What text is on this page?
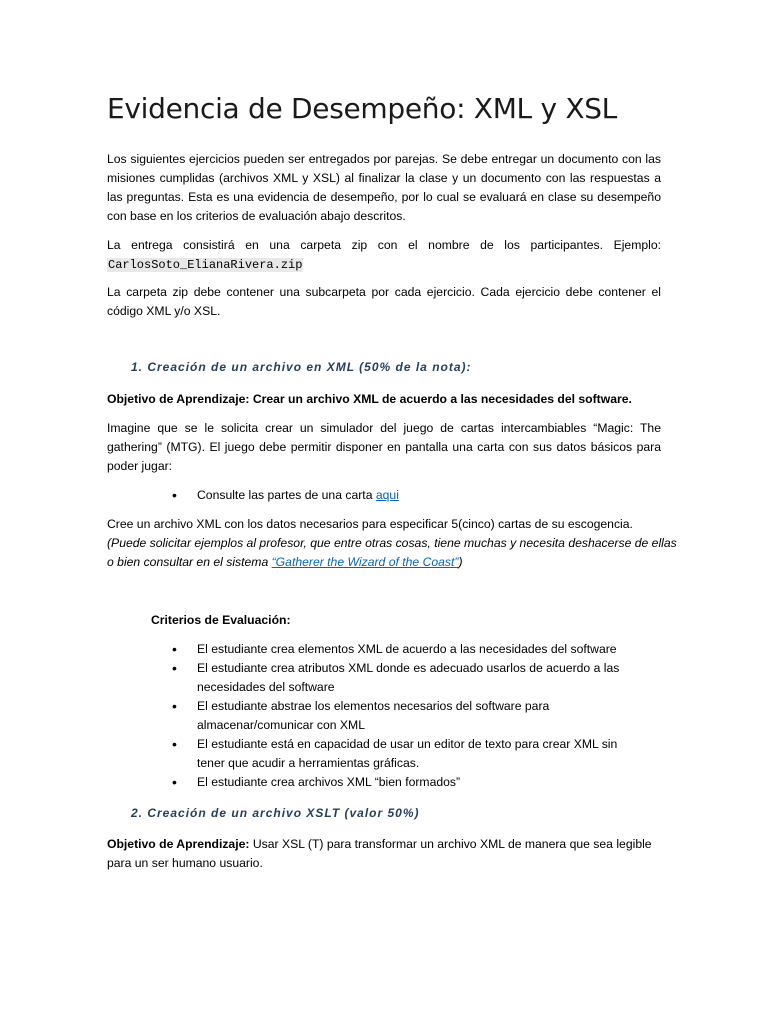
Evidencia de Desempeño: XML y XSL

Los siguientes ejercicios pueden ser entregados por parejas. Se debe entregar un documento con las misiones cumplidas (archivos XML y XSL) al finalizar la clase y un documento con las respuestas a las preguntas. Esta es una evidencia de desempeño, por lo cual se evaluará en clase su desempeño con base en los criterios de evaluación abajo descritos.

La entrega consistirá en una carpeta zip con el nombre de los participantes. Ejemplo:

CarlosSoto_ElianaRivera.zip

La carpeta zip debe contener una subcarpeta por cada ejercicio. Cada ejercicio debe contener el código XML y/o XSL.

1. Creación de un archivo en XML (50% de la nota):

Objetivo de Aprendizaje: Crear un archivo XML de acuerdo a las necesidades del software.

Imagine que se le solicita crear un simulador del juego de cartas intercambiables “Magic: The gathering” (MTG). El juego debe permitir disponer en pantalla una carta con sus datos básicos para poder jugar:

• Consulte las partes de una carta aqui

Cree un archivo XML con los datos necesarios para especificar 5(cinco) cartas de su escogencia.
(Puede solicitar ejemplos al profesor, que entre otras cosas, tiene muchas y necesita deshacerse de ellas o bien consultar en el sistema “Gatherer the Wizard of the Coast”)

Criterios de Evaluación:

• El estudiante crea elementos XML de acuerdo a las necesidades del software
• El estudiante crea atributos XML donde es adecuado usarlos de acuerdo a las necesidades del software
• El estudiante abstrae los elementos necesarios del software para almacenar/comunicar con XML
• El estudiante está en capacidad de usar un editor de texto para crear XML sin tener que acudir a herramientas gráficas.
• El estudiante crea archivos XML “bien formados”
2. Creación de un archivo XSLT (valor 50%)

Objetivo de Aprendizaje: Usar XSL (T) para transformar un archivo XML de manera que sea legible para un ser humano usuario.
